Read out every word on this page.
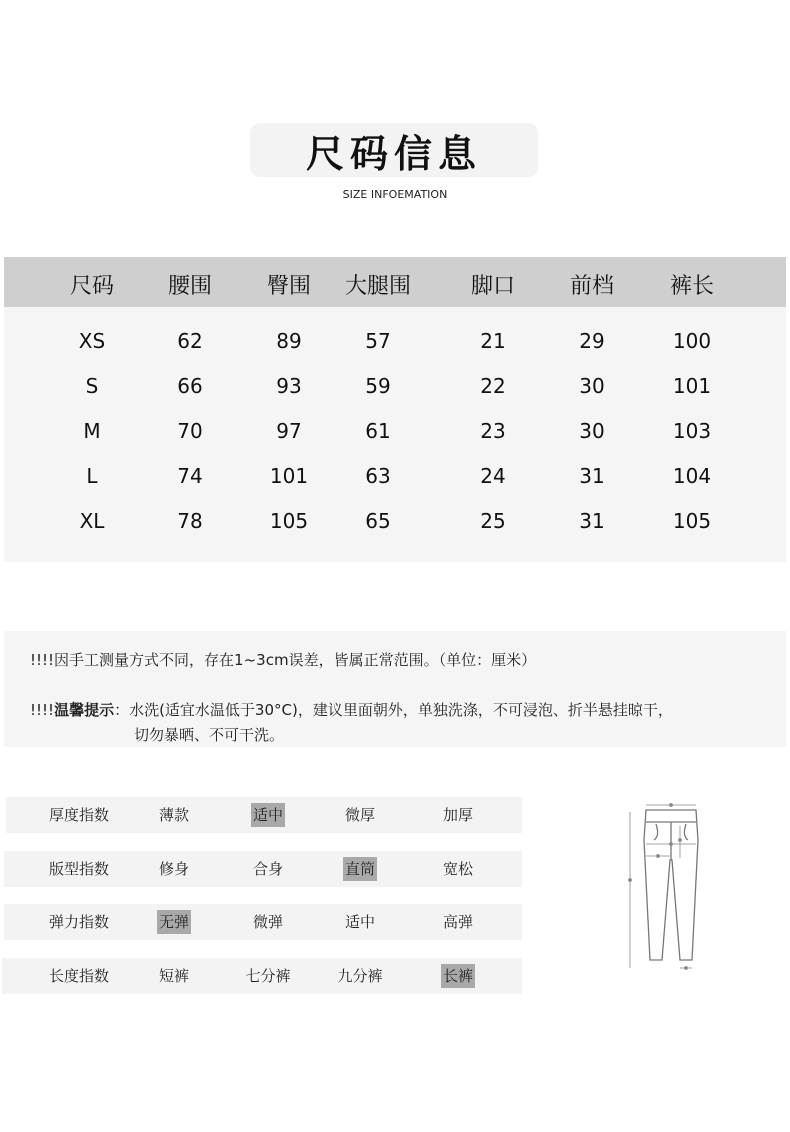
尺码信息
SIZE INFOEMATION
尺码	腰围	臀围	大腿围	脚口	前档	裤长
XS	62	89	57	21	29	100
S	66	93	59	22	30	101
M	70	97	61	23	30	103
L	74	101	63	24	31	104
XL	78	105	65	25	31	105
!!!!因手工测量方式不同，存在1~3cm误差，皆属正常范围。（单位：厘米）
!!!!温馨提示：水洗(适宜水温低于30°C)，建议里面朝外，单独洗涤，不可浸泡、折半悬挂晾干，
切勿暴晒、不可干洗。
厚度指数	薄款	适中	微厚	加厚
版型指数	修身	合身	直筒	宽松
弹力指数	无弹	微弹	适中	高弹
长度指数	短裤	七分裤	九分裤	长裤
